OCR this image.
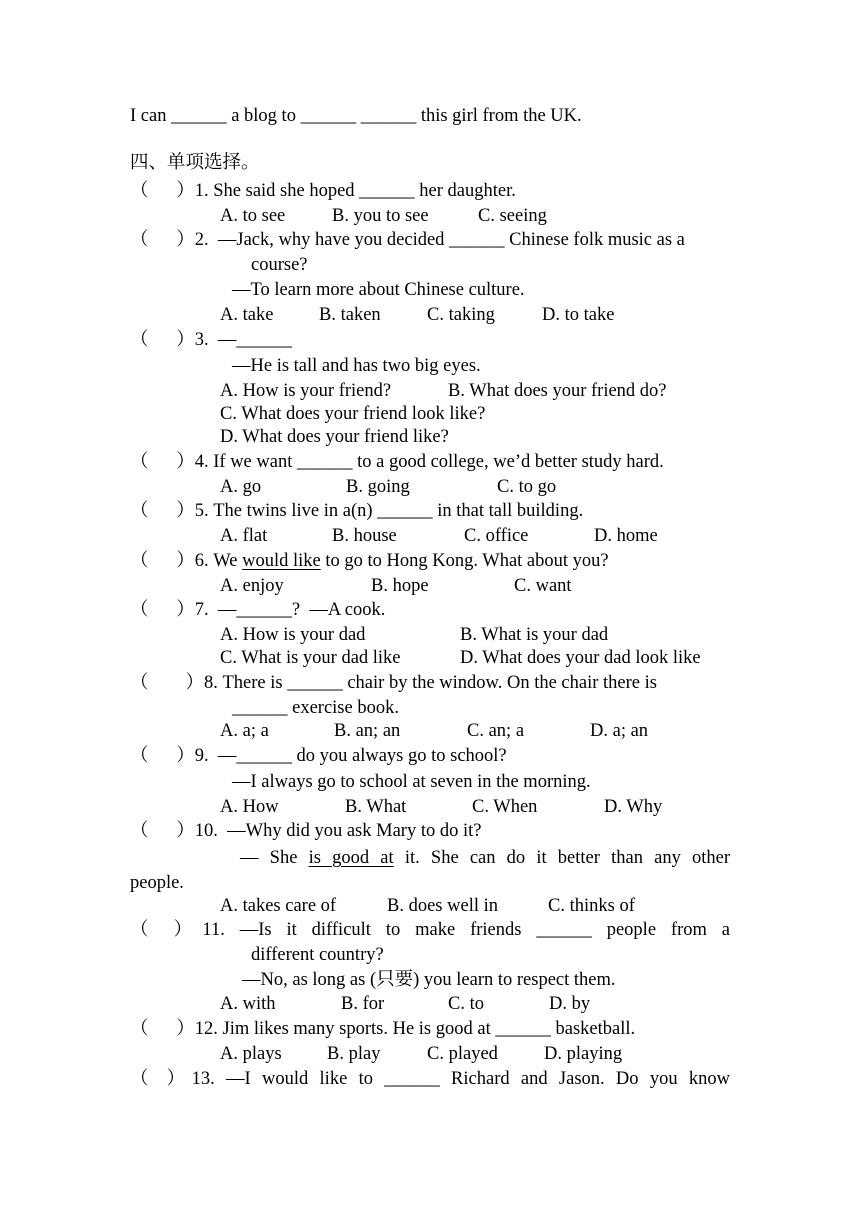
I can ______ a blog to ______ ______ this girl from the UK.
四、单项选择。
（      ）1. She said she hoped ______ her daughter.
A. to see	B. you to see	C. seeing
（      ）2.  —Jack, why have you decided ______ Chinese folk music as a
course?
—To learn more about Chinese culture.
A. take B. taken	C. taking	D. to take
（      ）3.  —______
—He is tall and has two big eyes.
A. How is your friend?	B. What does your friend do?
C. What does your friend look like?
D. What does your friend like?
（      ）4. If we want ______ to a good college, we’d better study hard.
A. go	B. going	C. to go
（      ）5. The twins live in a(n) ______ in that tall building.
A. flat	B. house	C. office	D. home
（      ）6. We would like to go to Hong Kong. What about you?
A. enjoy	B. hope	C. want
（      ）7.  —______?  —A cook.
A. How is your dad	B. What is your dad
C. What is your dad like	D. What does your dad look like
（        ）8. There is ______ chair by the window. On the chair there is
______ exercise book.
A. a; a	B. an; an	C. an; a	D. a; an
（      ）9.  —______ do you always go to school?
—I always go to school at seven in the morning.
A. How	B. What	C. When	D. Why
（      ）10.  —Why did you ask Mary to do it?
— She is good at it. She can do it better than any other
people.
A. takes care of	B. does well in	C. thinks of
（ ）11. —Is it difficult to make friends ______ people from a
different country?
—No, as long as (只要) you learn to respect them.
A. with	B. for	C. to	D. by
（      ）12. Jim likes many sports. He is good at ______ basketball.
A. plays B. play	C. played D. playing
（ ）13. —I would like to ______ Richard and Jason. Do you know
